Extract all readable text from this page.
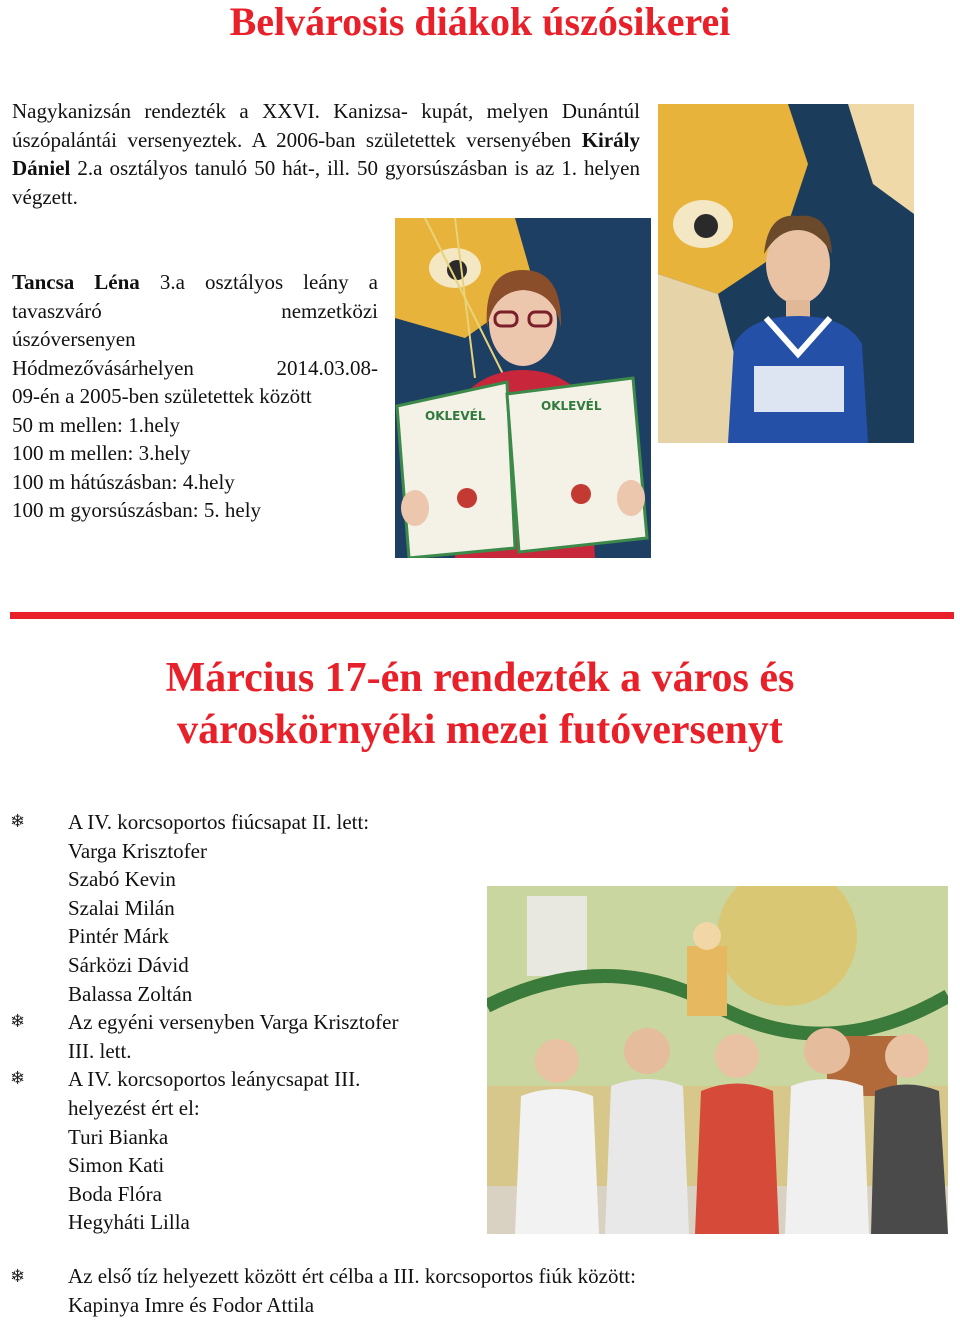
Belvárosis diákok úszósikerei
Nagykanizsán rendezték a XXVI. Kanizsa- kupát, melyen Dunántúl úszópalántái versenyeztek. A 2006-ban születettek versenyében Király Dániel 2.a osztályos tanuló 50 hát-, ill. 50 gyorsúszásban is az 1. helyen végzett.
Tancsa Léna 3.a osztályos leány a
tavaszváró nemzetközi
úszóversenyen
Hódmezővásárhelyen 2014.03.08-
09-én a 2005-ben születettek között
50 m mellen: 1.hely
100 m mellen: 3.hely
100 m hátúszásban: 4.hely
100 m gyorsúszásban: 5. hely
OKLEVÉL
OKLEVÉL
Március 17-én rendezték a város és
városkörnyéki mezei futóversenyt
❄ A IV. korcsoportos fiúcsapat II. lett:
Varga Krisztofer
Szabó Kevin
Szalai Milán
Pintér Márk
Sárközi Dávid
Balassa Zoltán
❄ Az egyéni versenyben Varga Krisztofer
III. lett.
❄ A IV. korcsoportos leánycsapat III.
helyezést ért el:
Turi Bianka
Simon Kati
Boda Flóra
Hegyháti Lilla
❄ Az első tíz helyezett között ért célba a III. korcsoportos fiúk között:
Kapinya Imre és Fodor Attila
